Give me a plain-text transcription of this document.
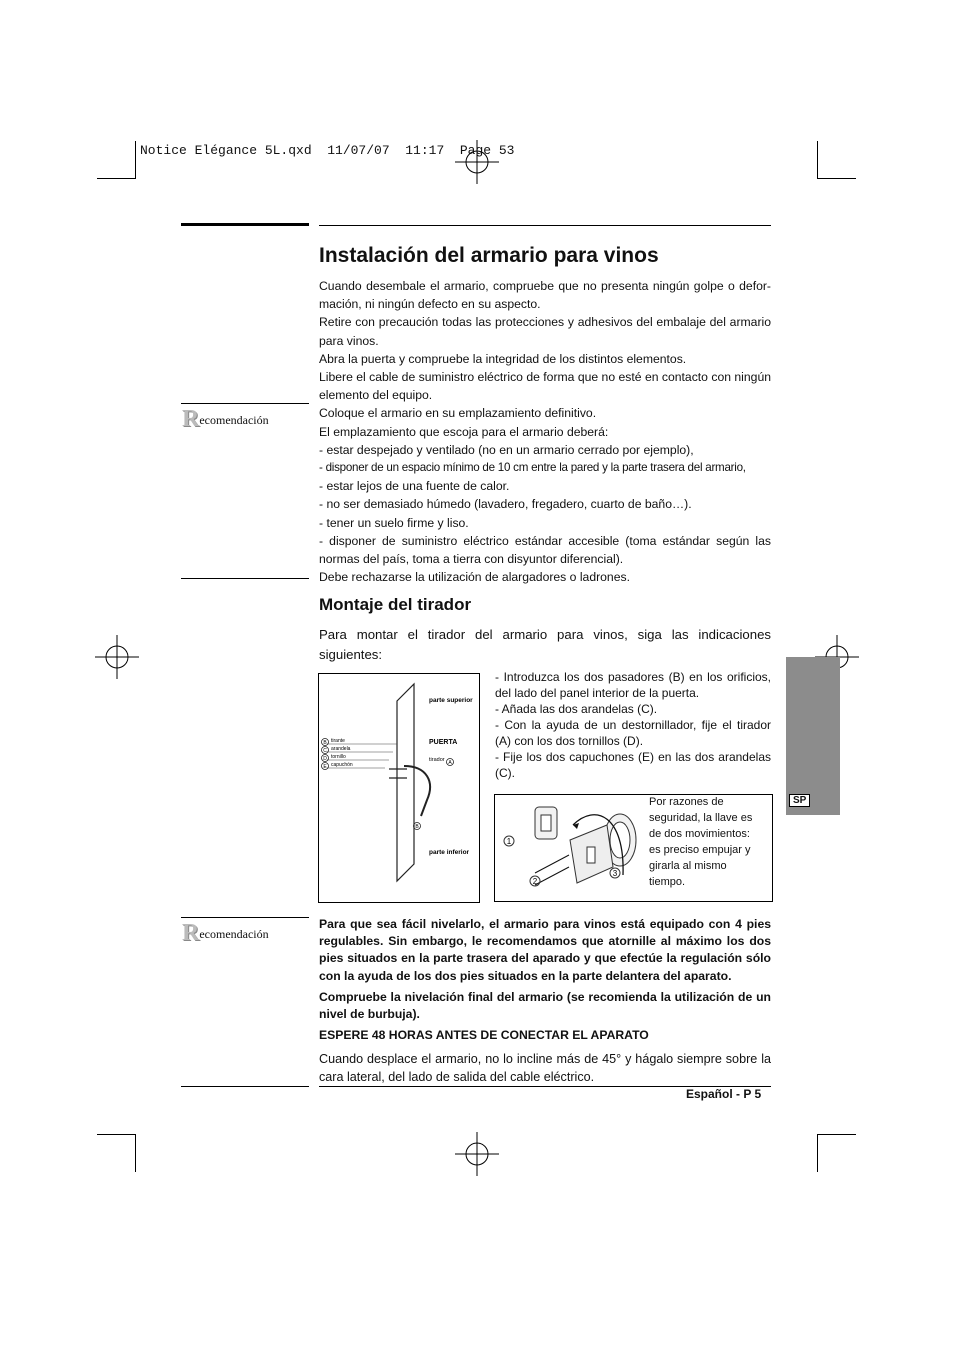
Notice Elégance 5L.qxd  11/07/07  11:17  Page 53
Instalación del armario para vinos

Cuando desembale el armario, compruebe que no presenta ningún golpe o defor-mación, ni ningún defecto en su aspecto.

Retire con precaución todas las protecciones y adhesivos del embalaje del armario para vinos.

Abra la puerta y compruebe la integridad de los distintos elementos.

Libere el cable de suministro eléctrico de forma que no esté en contacto con ningún elemento del equipo.

Coloque el armario en su emplazamiento definitivo.

El emplazamiento que escoja para el armario deberá:

- estar despejado y ventilado (no en un armario cerrado por ejemplo),

- disponer de un espacio mínimo de 10 cm entre la pared y la parte trasera del armario,

- estar lejos de una fuente de calor.

- no ser demasiado húmedo (lavadero, fregadero, cuarto de baño…).

- tener un suelo firme y liso.

- disponer de suministro eléctrico estándar accesible (toma estándar según las normas del país, toma a tierra con disyuntor diferencial).

Debe rechazarse la utilización de alargadores o ladrones.

Recomendación
Montaje del tirador

Para montar el tirador del armario para vinos, siga las indicaciones siguientes:

B
C
D
E
tirante
arandela
tornillo
capuchón
parte superior
PUERTA
tirador A
B
parte inferior

- Introduzca los dos pasadores (B) en los orificios, del lado del panel interior de la puerta.

- Añada las dos arandelas (C).

- Con la ayuda de un destornillador, fije el tirador (A) con los dos tornillos (D).

- Fije los dos capuchones (E) en las dos arandelas (C).

1
2
3

Por razones de

seguridad, la llave es

de dos movimientos:

es preciso empujar y

girarla al mismo

tiempo.

SP
Recomendación

Para que sea fácil nivelarlo, el armario para vinos está equipado con 4 pies regulables. Sin embargo, le recomendamos que atornille al máximo los dos pies situados en la parte trasera del aparado y que efectúe la regulación sólo con la ayuda de los dos pies situados en la parte delantera del aparato.

Compruebe la nivelación final del armario (se recomienda la utilización de un nivel de burbuja).

ESPERE 48 HORAS ANTES DE CONECTAR EL APARATO

Cuando desplace el armario, no lo incline más de 45° y hágalo siempre sobre la cara lateral, del lado de salida del cable eléctrico.

Español - P 5
